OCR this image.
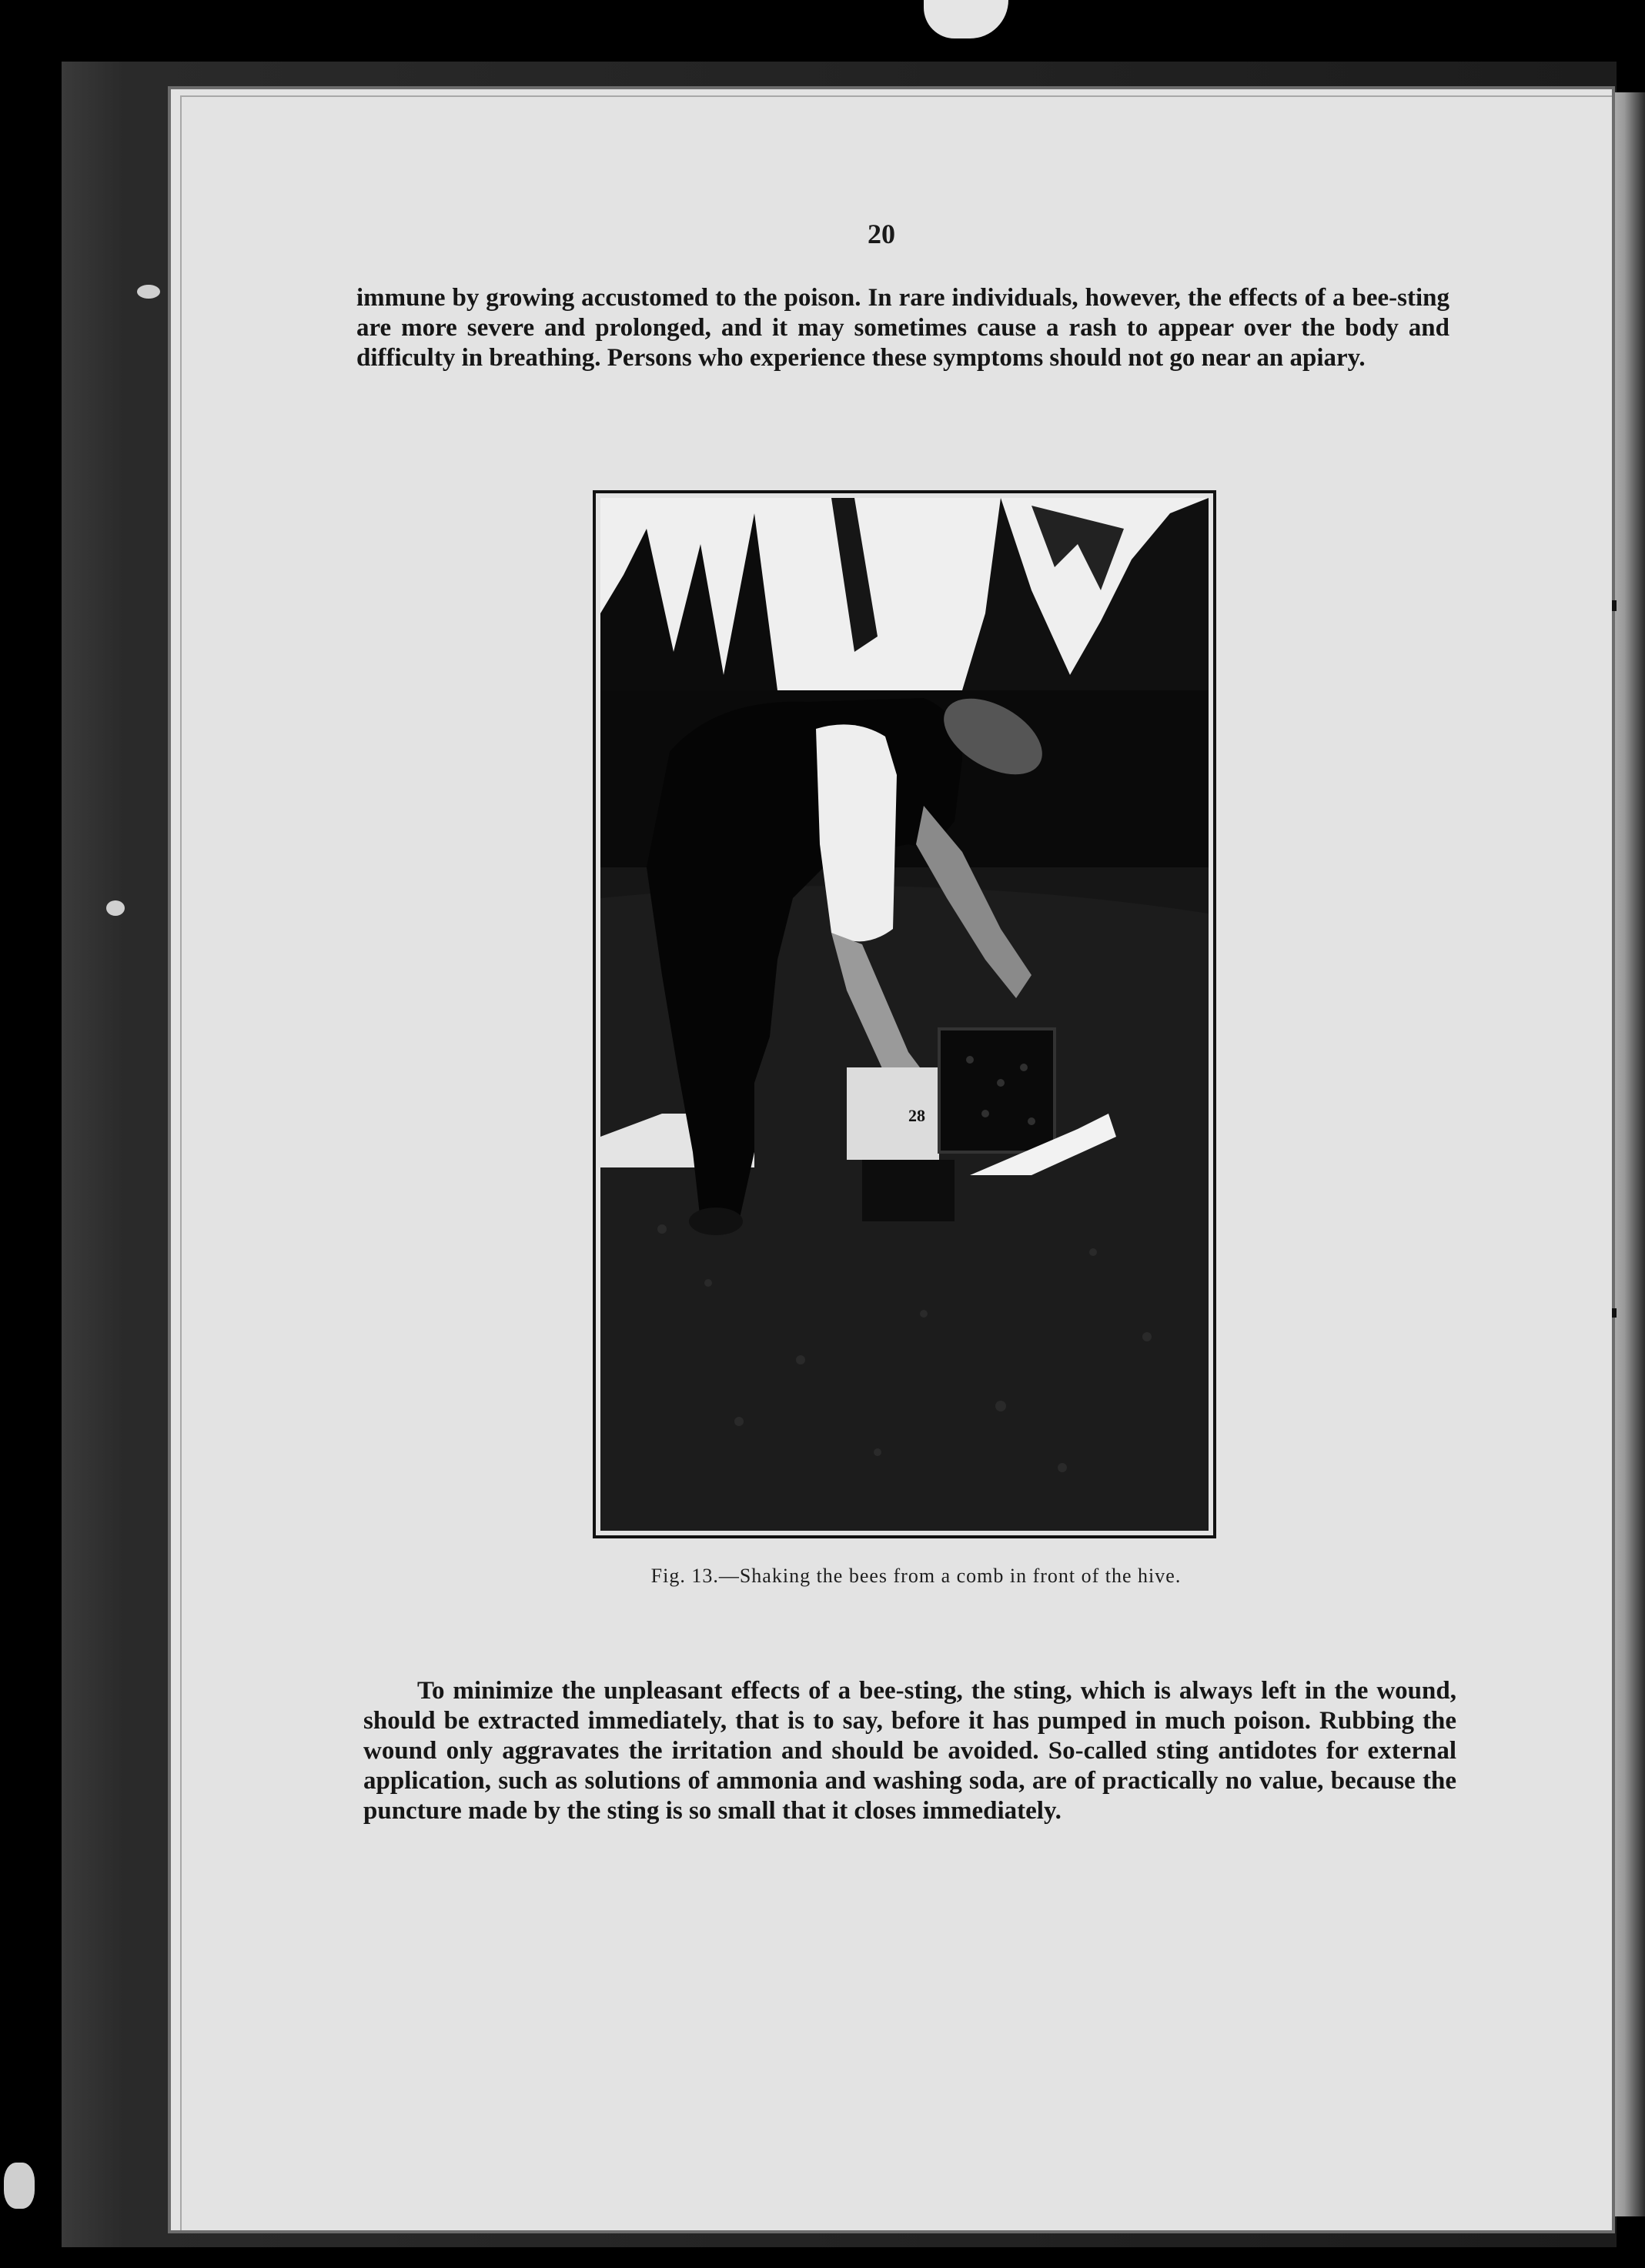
20

immune by growing accustomed to the poison. In rare individuals, however, the effects of a bee-sting are more severe and prolonged, and it may sometimes cause a rash to appear over the body and difficulty in breathing. Persons who experience these symptoms should not go near an apiary.

28
Fig. 13.—Shaking the bees from a comb in front of the hive.

To minimize the unpleasant effects of a bee-sting, the sting, which is always left in the wound, should be extracted immediately, that is to say, before it has pumped in much poison. Rubbing the wound only aggravates the irritation and should be avoided. So-called sting antidotes for external application, such as solutions of ammonia and washing soda, are of practically no value, because the puncture made by the sting is so small that it closes immediately.
